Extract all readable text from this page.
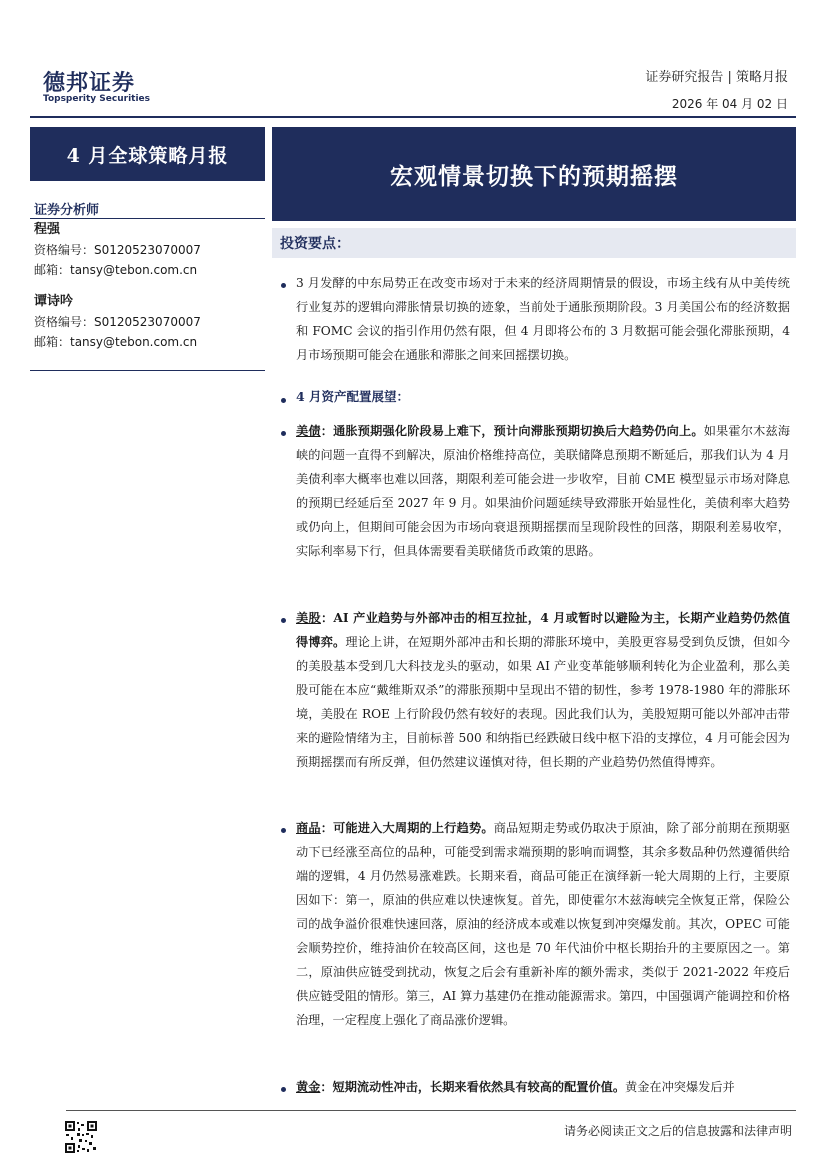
德邦证券
Topsperity Securities
证券研究报告 | 策略月报
2026 年 04 月 02 日
4 月全球策略月报
宏观情景切换下的预期摇摆
证券分析师
程强
资格编号：S0120523070007
邮箱：tansy@tebon.com.cn
谭诗吟
资格编号：S0120523070007
邮箱：tansy@tebon.com.cn
投资要点：
3 月发酵的中东局势正在改变市场对于未来的经济周期情景的假设，市场主线有从中美传统行业复苏的逻辑向滞胀情景切换的迹象，当前处于通胀预期阶段。3 月美国公布的经济数据和 FOMC 会议的指引作用仍然有限，但 4 月即将公布的 3 月数据可能会强化滞胀预期，4 月市场预期可能会在通胀和滞胀之间来回摇摆切换。
4 月资产配置展望：
美债：通胀预期强化阶段易上难下，预计向滞胀预期切换后大趋势仍向上。如果霍尔木兹海峡的问题一直得不到解决，原油价格维持高位，美联储降息预期不断延后，那我们认为 4 月美债利率大概率也难以回落，期限利差可能会进一步收窄，目前 CME 模型显示市场对降息的预期已经延后至 2027 年 9 月。如果油价问题延续导致滞胀开始显性化，美债利率大趋势或仍向上，但期间可能会因为市场向衰退预期摇摆而呈现阶段性的回落，期限利差易收窄，实际利率易下行，但具体需要看美联储货币政策的思路。
美股：AI 产业趋势与外部冲击的相互拉扯，4 月或暂时以避险为主，长期产业趋势仍然值得博弈。理论上讲，在短期外部冲击和长期的滞胀环境中，美股更容易受到负反馈，但如今的美股基本受到几大科技龙头的驱动，如果 AI 产业变革能够顺利转化为企业盈利，那么美股可能在本应“戴维斯双杀”的滞胀预期中呈现出不错的韧性，参考 1978-1980 年的滞胀环境，美股在 ROE 上行阶段仍然有较好的表现。因此我们认为，美股短期可能以外部冲击带来的避险情绪为主，目前标普 500 和纳指已经跌破日线中枢下沿的支撑位，4 月可能会因为预期摇摆而有所反弹，但仍然建议谨慎对待，但长期的产业趋势仍然值得博弈。
商品：可能进入大周期的上行趋势。商品短期走势或仍取决于原油，除了部分前期在预期驱动下已经涨至高位的品种，可能受到需求端预期的影响而调整，其余多数品种仍然遵循供给端的逻辑，4 月仍然易涨难跌。长期来看，商品可能正在演绎新一轮大周期的上行，主要原因如下：第一，原油的供应难以快速恢复。首先，即使霍尔木兹海峡完全恢复正常，保险公司的战争溢价很难快速回落，原油的经济成本或难以恢复到冲突爆发前。其次，OPEC 可能会顺势控价，维持油价在较高区间，这也是 70 年代油价中枢长期抬升的主要原因之一。第二，原油供应链受到扰动，恢复之后会有重新补库的额外需求，类似于 2021-2022 年疫后供应链受阻的情形。第三，AI 算力基建仍在推动能源需求。第四，中国强调产能调控和价格治理，一定程度上强化了商品涨价逻辑。
黄金：短期流动性冲击，长期来看依然具有较高的配置价值。黄金在冲突爆发后并
请务必阅读正文之后的信息披露和法律声明
